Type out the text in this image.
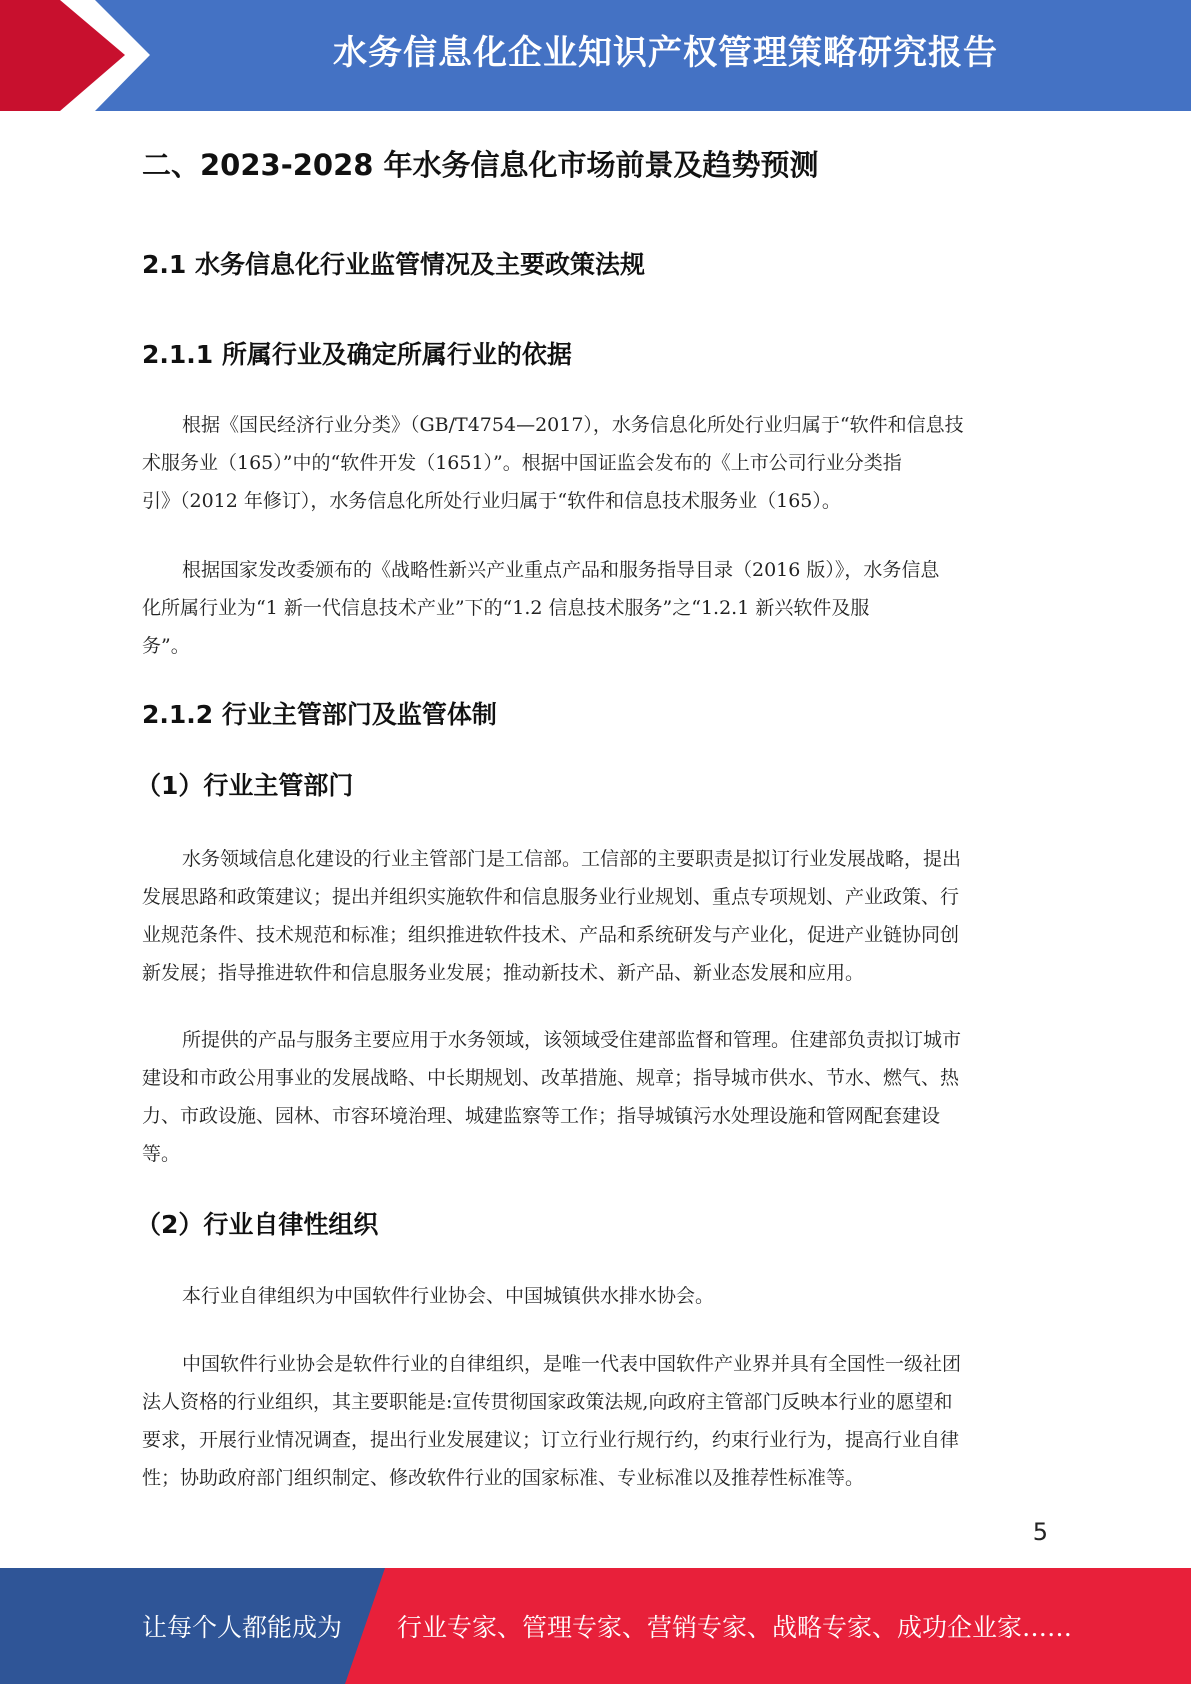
水务信息化企业知识产权管理策略研究报告
二、2023-2028 年水务信息化市场前景及趋势预测
2.1 水务信息化行业监管情况及主要政策法规
2.1.1 所属行业及确定所属行业的依据
根据《国民经济行业分类》（GB/T4754—2017），水务信息化所处行业归属于“软件和信息技
术服务业（165）”中的“软件开发（1651）”。根据中国证监会发布的《上市公司行业分类指
引》（2012 年修订），水务信息化所处行业归属于“软件和信息技术服务业（165）。
根据国家发改委颁布的《战略性新兴产业重点产品和服务指导目录（2016 版）》，水务信息
化所属行业为“1 新一代信息技术产业”下的“1.2 信息技术服务”之“1.2.1 新兴软件及服
务”。
2.1.2 行业主管部门及监管体制
（1）行业主管部门
水务领域信息化建设的行业主管部门是工信部。工信部的主要职责是拟订行业发展战略，提出
发展思路和政策建议；提出并组织实施软件和信息服务业行业规划、重点专项规划、产业政策、行
业规范条件、技术规范和标准；组织推进软件技术、产品和系统研发与产业化，促进产业链协同创
新发展；指导推进软件和信息服务业发展；推动新技术、新产品、新业态发展和应用。
所提供的产品与服务主要应用于水务领域，该领域受住建部监督和管理。住建部负责拟订城市
建设和市政公用事业的发展战略、中长期规划、改革措施、规章；指导城市供水、节水、燃气、热
力、市政设施、园林、市容环境治理、城建监察等工作；指导城镇污水处理设施和管网配套建设
等。
（2）行业自律性组织
本行业自律组织为中国软件行业协会、中国城镇供水排水协会。
中国软件行业协会是软件行业的自律组织，是唯一代表中国软件产业界并具有全国性一级社团
法人资格的行业组织，其主要职能是:宣传贯彻国家政策法规,向政府主管部门反映本行业的愿望和
要求，开展行业情况调查，提出行业发展建议；订立行业行规行约，约束行业行为，提高行业自律
性；协助政府部门组织制定、修改软件行业的国家标准、专业标准以及推荐性标准等。
5
让每个人都能成为 行业专家、管理专家、营销专家、战略专家、成功企业家……
